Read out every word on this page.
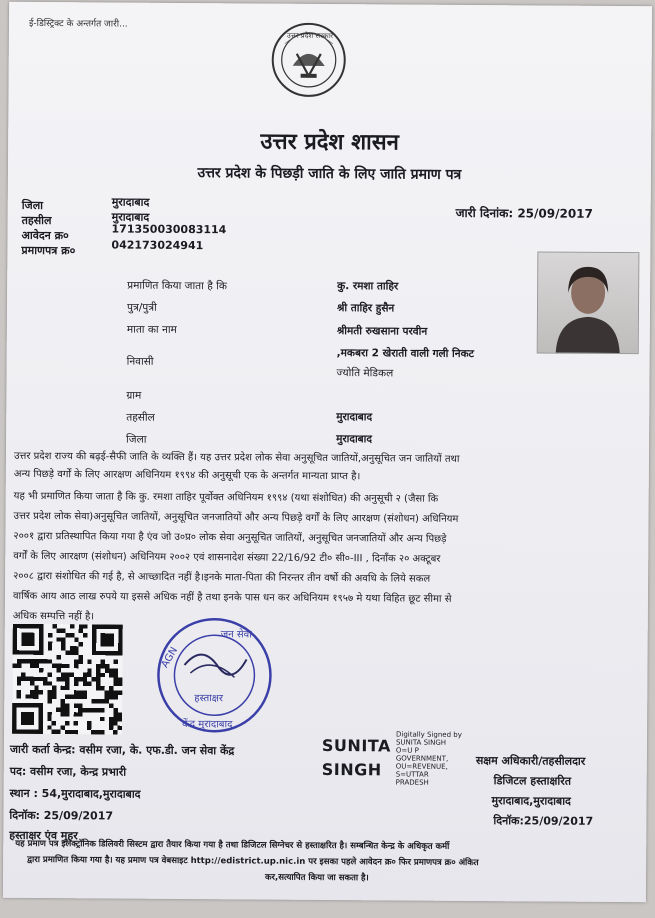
ई-डिस्ट्रिक्ट के अन्तर्गत जारी...
उत्तर प्रदेश सरकार
उत्तर प्रदेश शासन
उत्तर प्रदेश के पिछड़ी जाति के लिए जाति प्रमाण पत्र
जिला	मुरादाबाद
तहसील	मुरादाबाद
आवेदन क्र०	171350030083114
प्रमाणपत्र क्र०	042173024941
जारी दिनांक: 25/09/2017
प्रमाणित किया जाता है कि	कु. रमशा ताहिर
पुत्र/पुत्री	श्री ताहिर हुसैन
माता का नाम	श्रीमती रुखसाना परवीन
निवासी
,मकबरा 2 खेराती वाली गली निकट
ज्योति मेडिकल
ग्राम
तहसील	मुरादाबाद
जिला	मुरादाबाद
उत्तर प्रदेश राज्य की बढ़ई-सैफी जाति के व्यक्ति हैं। यह उत्तर प्रदेश लोक सेवा अनुसूचित जातियों,अनुसूचित जन जातियों तथा
अन्य पिछड़े वर्गों के लिए आरक्षण अधिनियम १९९४ की अनुसूची एक के अन्तर्गत मान्यता प्राप्त है।
यह भी प्रमाणित किया जाता है कि कु. रमशा ताहिर पूर्वोक्त अधिनियम १९९४ (यथा संशोधित) की अनुसूची २ (जैसा कि
उत्तर प्रदेश लोक सेवा)अनुसूचित जातियों, अनुसूचित जनजातियों और अन्य पिछड़े वर्गों के लिए आरक्षण (संशोधन) अधिनियम
२००१ द्वारा प्रतिस्थापित किया गया है एंव जो उ०प्र० लोक सेवा अनुसूचित जातियों, अनुसूचित जनजातियों और अन्य पिछड़े
वर्गों के लिए आरक्षण (संशोधन) अधिनियम २००२ एवं शासनादेश संख्या 22/16/92 टी० सी०-III , दिनाँक २० अक्टूबर
२००८ द्वारा संशोधित की गई है, से आच्छादित नहीं है।इनके माता-पिता की निरन्तर तीन वर्षो की अवधि के लिये सकल
वार्षिक आय आठ लाख रुपये या इससे अधिक नहीं है तथा इनके पास धन कर अधिनियम १९५७ मे यथा विहित छूट सीमा से
अधिक सम्पत्ति नहीं है।
जन सेवा
AGN
हस्ताक्षर
केंद्र मुरादाबाद
जारी कर्ता केन्द्र: वसीम रजा, के. एफ.डी. जन सेवा केंद्र
पद: वसीम रजा, केन्द्र प्रभारी
स्थान : 54,मुरादाबाद,मुरादाबाद
दिनॉक: 25/09/2017
हस्ताक्षर एंव मुहर
SUNITA
SINGH
Digitally Signed by
SUNITA SINGH
O=U P
GOVERNMENT,
OU=REVENUE,
S=UTTAR
PRADESH
सक्षम अधिकारी/तहसीलदार
डिजिटल हस्ताक्षरित
मुरादाबाद,मुरादाबाद
दिनॉक:25/09/2017
यह प्रमाण पत्र इलेक्ट्रॉनिक डिलिवरी सिस्टम द्वारा तैयार किया गया है तथा डिजिटल सिग्नेचर से हस्ताक्षरित है। सम्बन्धित केन्द्र के अधिकृत कर्मी
द्वारा प्रमाणित किया गया है। यह प्रमाण पत्र वेबसाइट http://edistrict.up.nic.in पर इसका पहले आवेदन क्र० फिर प्रमाणपत्र क्र० अंकित
कर,सत्यापित किया जा सकता है।
